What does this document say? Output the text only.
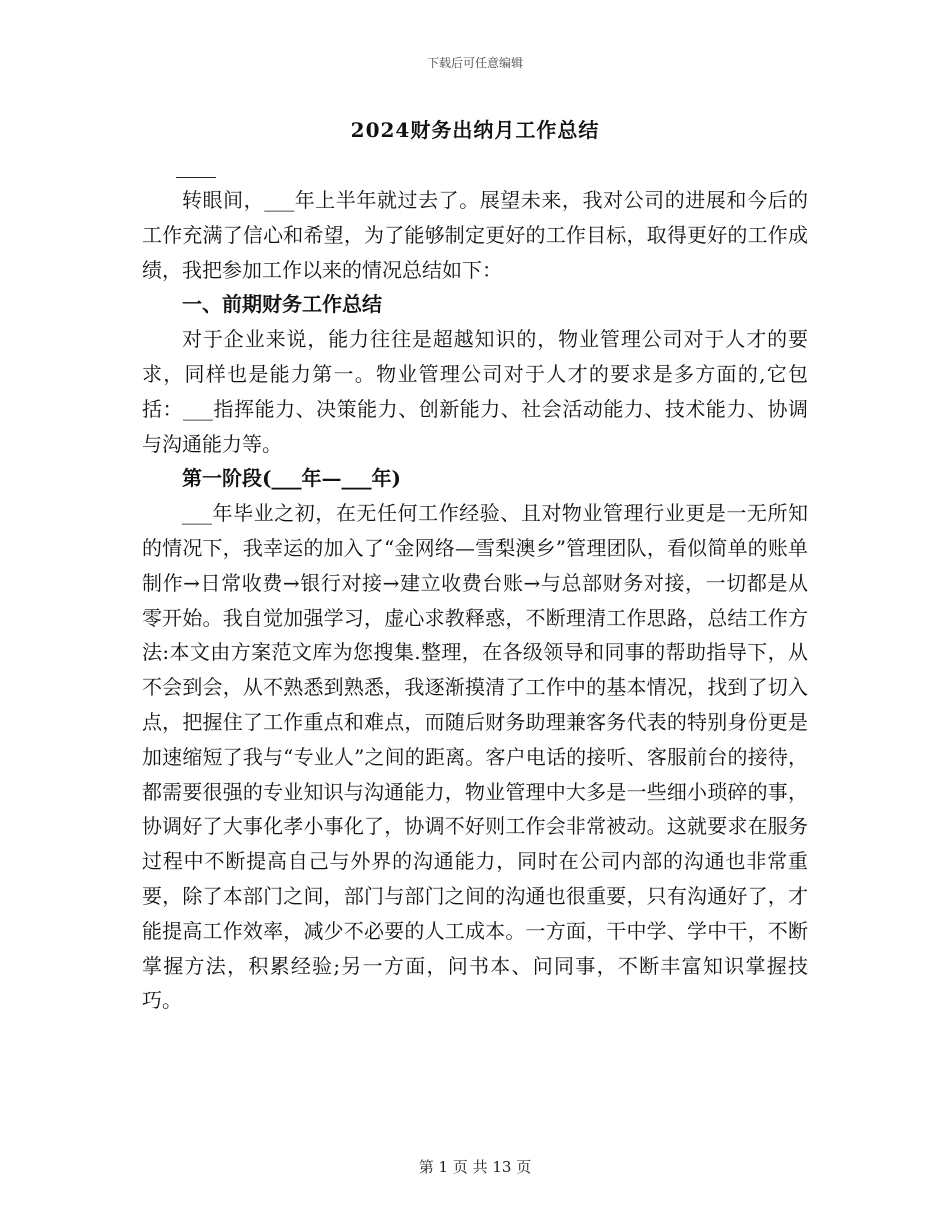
下载后可任意编辑
2024财务出纳月工作总结

转眼间，___年上半年就过去了。展望未来，我对公司的进展和今后的工作充满了信心和希望，为了能够制定更好的工作目标，取得更好的工作成绩，我把参加工作以来的情况总结如下：

一、前期财务工作总结

对于企业来说，能力往往是超越知识的，物业管理公司对于人才的要求，同样也是能力第一。物业管理公司对于人才的要求是多方面的,它包括：___指挥能力、决策能力、创新能力、社会活动能力、技术能力、协调与沟通能力等。

第一阶段(___年—___年)

___年毕业之初，在无任何工作经验、且对物业管理行业更是一无所知的情况下，我幸运的加入了“金网络—雪梨澳乡”管理团队，看似简单的账单制作→日常收费→银行对接→建立收费台账→与总部财务对接，一切都是从零开始。我自觉加强学习，虚心求教释惑，不断理清工作思路，总结工作方法:本文由方案范文库为您搜集.整理，在各级领导和同事的帮助指导下，从不会到会，从不熟悉到熟悉，我逐渐摸清了工作中的基本情况，找到了切入点，把握住了工作重点和难点，而随后财务助理兼客务代表的特别身份更是加速缩短了我与“专业人”之间的距离。客户电话的接听、客服前台的接待，都需要很强的专业知识与沟通能力，物业管理中大多是一些细小琐碎的事，协调好了大事化孝小事化了，协调不好则工作会非常被动。这就要求在服务过程中不断提高自己与外界的沟通能力，同时在公司内部的沟通也非常重要，除了本部门之间，部门与部门之间的沟通也很重要，只有沟通好了，才能提高工作效率，减少不必要的人工成本。一方面，干中学、学中干，不断掌握方法，积累经验;另一方面，问书本、问同事，不断丰富知识掌握技巧。

第 1 页 共 13 页
